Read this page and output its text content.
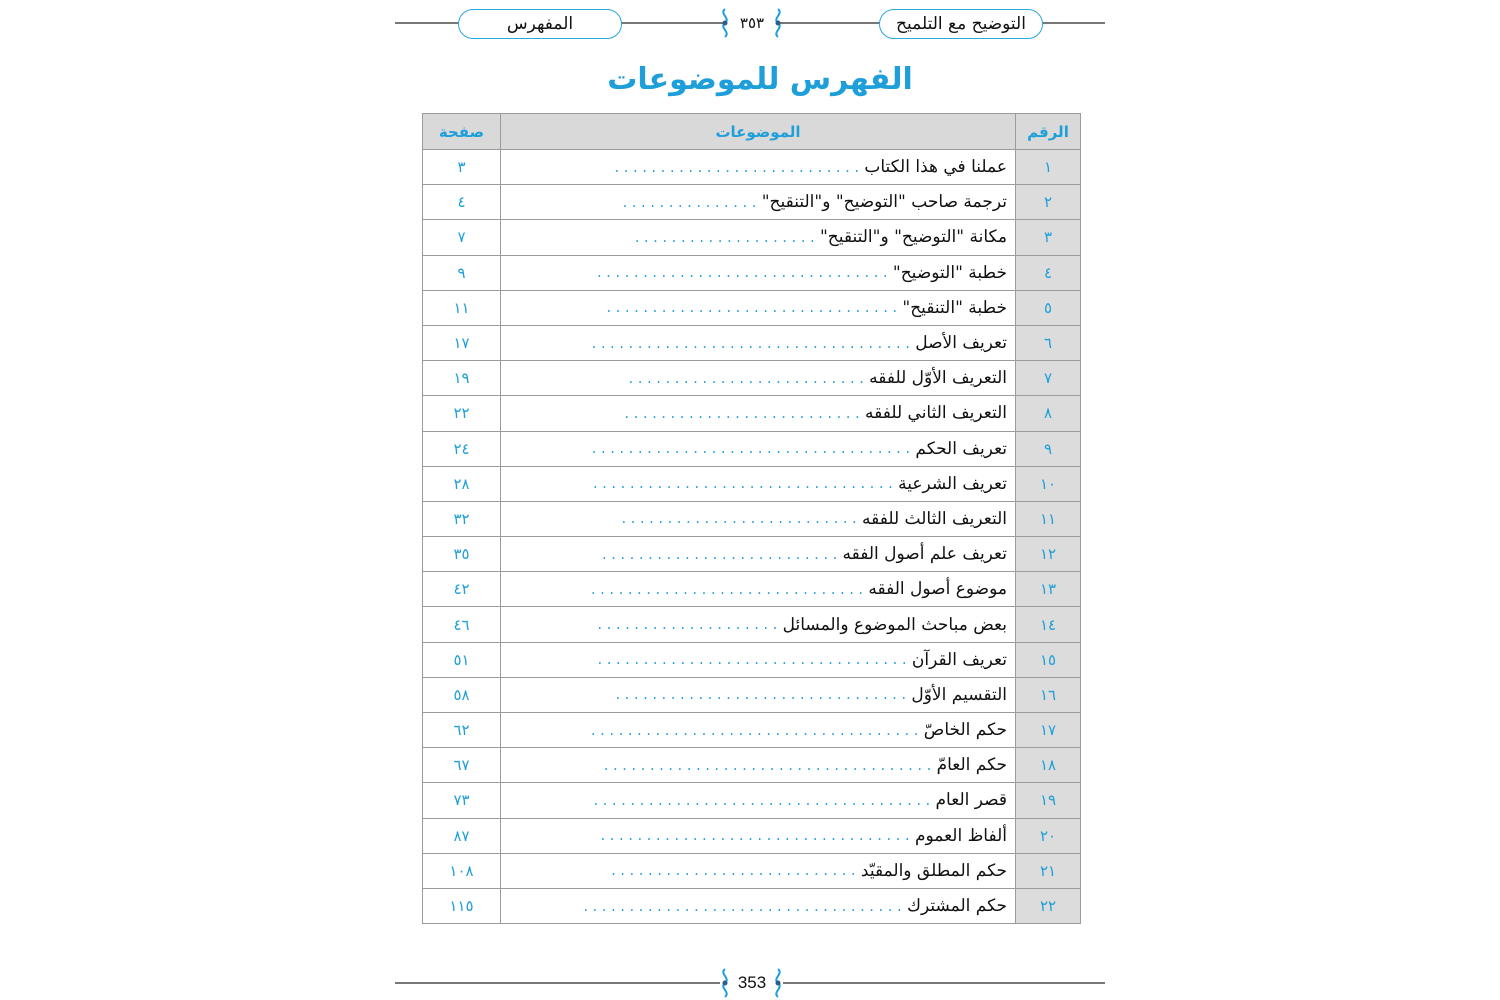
المفهرس	التوضيح مع التلميح
٣٥٣
الفهرس للموضوعات
الرقم	الموضوعات	صفحة
١	عملنا في هذا الكتاب...........................	٣
٢	ترجمة صاحب "التوضيح" و"التنقيح"...............	٤
٣	مكانة "التوضيح" و"التنقيح"....................	٧
٤	خطبة "التوضيح"................................	٩
٥	خطبة "التنقيح"................................	١١
٦	تعريف الأصل...................................	١٧
٧	التعريف الأوّل للفقه..........................	١٩
٨	التعريف الثاني للفقه..........................	٢٢
٩	تعريف الحكم...................................	٢٤
١٠	تعريف الشرعية.................................	٢٨
١١	التعريف الثالث للفقه..........................	٣٢
١٢	تعريف علم أصول الفقه..........................	٣٥
١٣	موضوع أصول الفقه..............................	٤٢
١٤	بعض مباحث الموضوع والمسائل....................	٤٦
١٥	تعريف القرآن..................................	٥١
١٦	التقسيم الأوّل................................	٥٨
١٧	حكم الخاصّ....................................	٦٢
١٨	حكم العامّ....................................	٦٧
١٩	قصر العام.....................................	٧٣
٢٠	ألفاظ العموم..................................	٨٧
٢١	حكم المطلق والمقيّد...........................	١٠٨
٢٢	حكم المشترك...................................	١١٥
353
